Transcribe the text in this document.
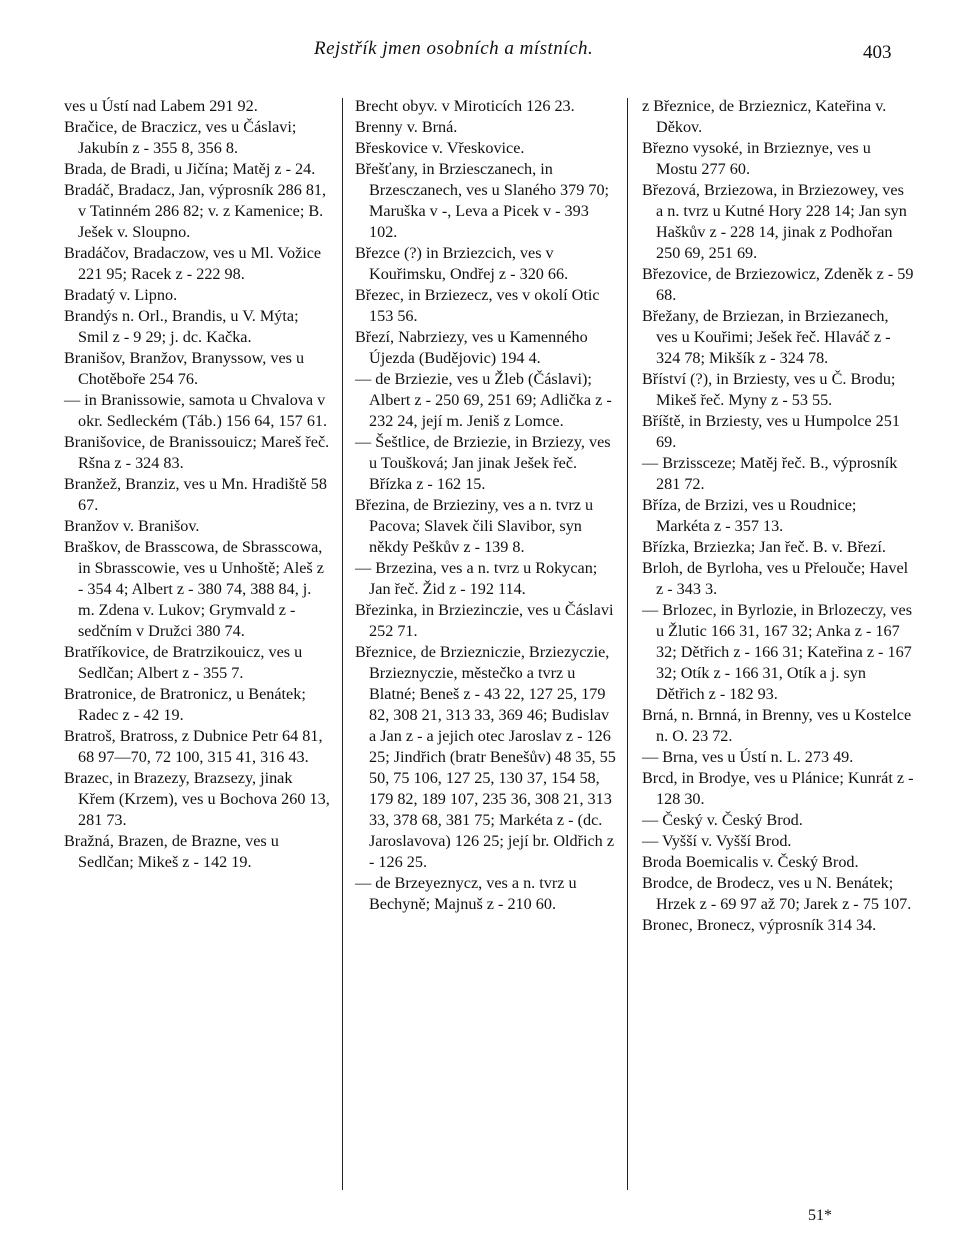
Rejstřík jmen osobních a místních.	403

ves u Ústí nad Labem 291 92.

Bračice, de Braczicz, ves u Čáslavi; Jakubín z - 355 8, 356 8.

Brada, de Bradi, u Jičína; Matěj z - 24.

Bradáč, Bradacz, Jan, výprosník 286 81, v Tatinném 286 82; v. z Kamenice; B. Ješek v. Sloupno.

Bradáčov, Bradaczow, ves u Ml. Vožice 221 95; Racek z - 222 98.

Bradatý v. Lipno.

Brandýs n. Orl., Brandis, u V. Mýta; Smil z - 9 29; j. dc. Kačka.

Branišov, Branžov, Branyssow, ves u Chotěboře 254 76.

— in Branissowie, samota u Chvalova v okr. Sedleckém (Táb.) 156 64, 157 61.

Branišovice, de Branissouicz; Mareš řeč. Ršna z - 324 83.

Branžež, Branziz, ves u Mn. Hradiště 58 67.

Branžov v. Branišov.

Braškov, de Brasscowa, de Sbrasscowa, in Sbrasscowie, ves u Unhoště; Aleš z - 354 4; Albert z - 380 74, 388 84, j. m. Zdena v. Lukov; Grymvald z - sedčním v Družci 380 74.

Bratříkovice, de Bratrzikouicz, ves u Sedlčan; Albert z - 355 7.

Bratronice, de Bratronicz, u Benátek; Radec z - 42 19.

Bratroš, Bratross, z Dubnice Petr 64 81, 68 97—70, 72 100, 315 41, 316 43.

Brazec, in Brazezy, Brazsezy, jinak Křem (Krzem), ves u Bochova 260 13, 281 73.

Bražná, Brazen, de Brazne, ves u Sedlčan; Mikeš z - 142 19.

Brecht obyv. v Miroticích 126 23.

Brenny v. Brná.

Břeskovice v. Vřeskovice.

Břešťany, in Brziesczanech, in Brzesczanech, ves u Slaného 379 70; Maruška v -, Leva a Picek v - 393 102.

Březce (?) in Brziezcich, ves v Kouřimsku, Ondřej z - 320 66.

Březec, in Brziezecz, ves v okolí Otic 153 56.

Březí, Nabrziezy, ves u Kamenného Újezda (Budějovic) 194 4.

— de Brziezie, ves u Žleb (Čáslavi); Albert z - 250 69, 251 69; Adlička z - 232 24, její m. Jeniš z Lomce.

— Šeštlice, de Brziezie, in Brziezy, ves u Toušková; Jan jinak Ješek řeč. Břízka z - 162 15.

Březina, de Brzieziny, ves a n. tvrz u Pacova; Slavek čili Slavibor, syn někdy Peškův z - 139 8.

— Brzezina, ves a n. tvrz u Rokycan; Jan řeč. Žid z - 192 114.

Březinka, in Brziezinczie, ves u Čáslavi 252 71.

Březnice, de Brziezniczie, Brziezyczie, Brzieznyczie, městečko a tvrz u Blatné; Beneš z - 43 22, 127 25, 179 82, 308 21, 313 33, 369 46; Budislav a Jan z - a jejich otec Jaroslav z - 126 25; Jindřich (bratr Benešův) 48 35, 55 50, 75 106, 127 25, 130 37, 154 58, 179 82, 189 107, 235 36, 308 21, 313 33, 378 68, 381 75; Markéta z - (dc. Jaroslavova) 126 25; její br. Oldřich z - 126 25.

— de Brzeyeznycz, ves a n. tvrz u Bechyně; Majnuš z - 210 60.

z Březnice, de Brzieznicz, Kateřina v. Děkov.

Březno vysoké, in Brzieznye, ves u Mostu 277 60.

Březová, Brziezowa, in Brziezowey, ves a n. tvrz u Kutné Hory 228 14; Jan syn Haškův z - 228 14, jinak z Podhořan 250 69, 251 69.

Březovice, de Brziezowicz, Zdeněk z - 59 68.

Břežany, de Brziezan, in Brziezanech, ves u Kouřimi; Ješek řeč. Hlaváč z - 324 78; Mikšík z - 324 78.

Bříství (?), in Brziesty, ves u Č. Brodu; Mikeš řeč. Myny z - 53 55.

Bříště, in Brziesty, ves u Humpolce 251 69.

— Brzissceze; Matěj řeč. B., výprosník 281 72.

Bříza, de Brzizi, ves u Roudnice; Markéta z - 357 13.

Břízka, Brziezka; Jan řeč. B. v. Březí.

Brloh, de Byrloha, ves u Přelouče; Havel z - 343 3.

— Brlozec, in Byrlozie, in Brlozeczy, ves u Žlutic 166 31, 167 32; Anka z - 167 32; Dětřich z - 166 31; Kateřina z - 167 32; Otík z - 166 31, Otík a j. syn Dětřich z - 182 93.

Brná, n. Brnná, in Brenny, ves u Kostelce n. O. 23 72.

— Brna, ves u Ústí n. L. 273 49.

Brcd, in Brodye, ves u Plánice; Kunrát z - 128 30.

— Český v. Český Brod.

— Vyšší v. Vyšší Brod.

Broda Boemicalis v. Český Brod.

Brodce, de Brodecz, ves u N. Benátek; Hrzek z - 69 97 až 70; Jarek z - 75 107.

Bronec, Bronecz, výprosník 314 34.

51*
